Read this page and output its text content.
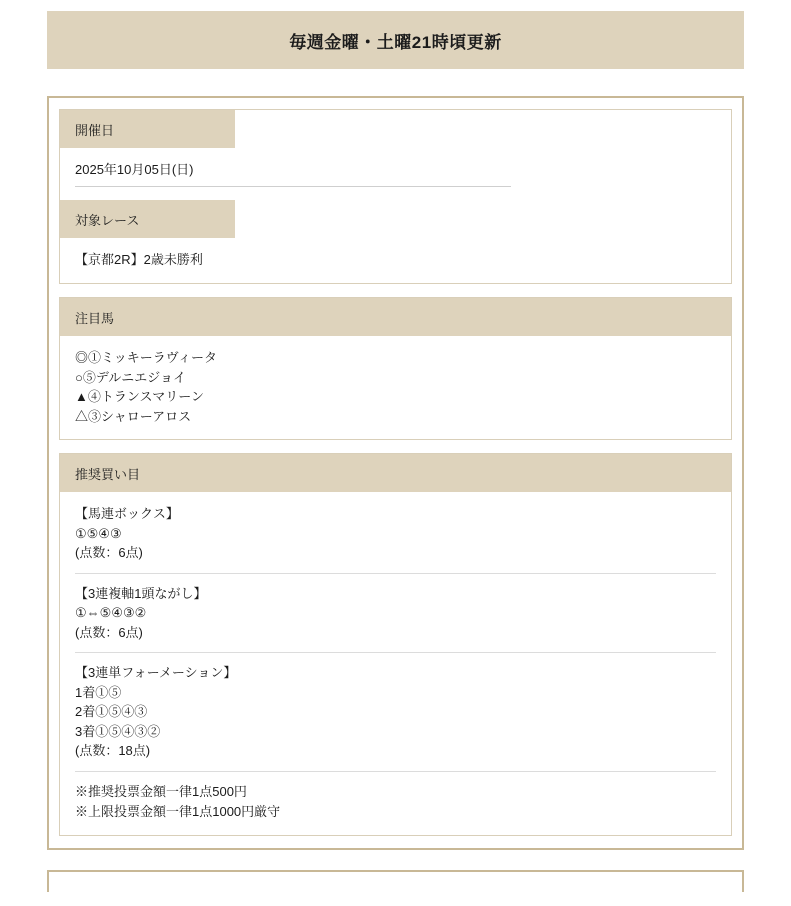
毎週金曜・土曜21時頃更新
開催日
2025年10月05日(日)
対象レース
【京都2R】2歳未勝利
注目馬
◎①ミッキーラヴィータ
○⑤デルニエジョイ
▲④トランスマリーン
△③シャローアロス
推奨買い目
【馬連ボックス】
①⑤④③
(点数：6点)
【3連複軸1頭ながし】
①⇔⑤④③②
(点数：6点)
【3連単フォーメーション】
1着①⑤
2着①⑤④③
3着①⑤④③②
(点数：18点)
※推奨投票金額一律1点500円
※上限投票金額一律1点1000円厳守
